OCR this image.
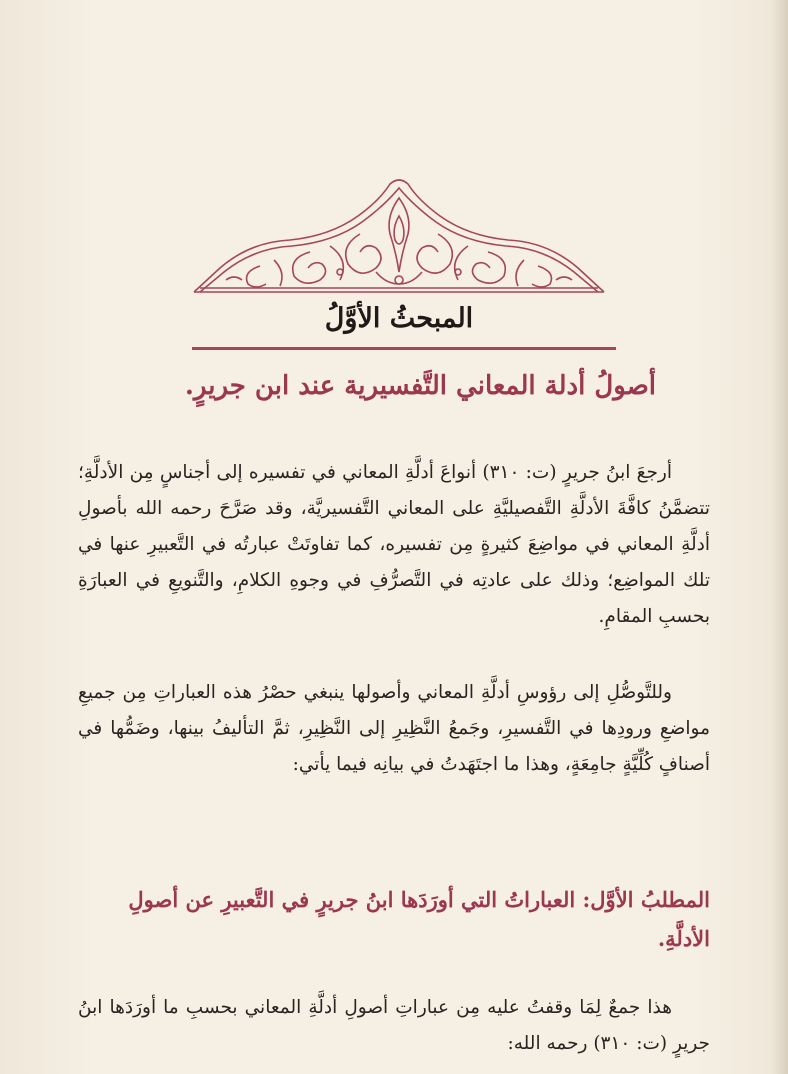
المبحثُ الأوَّلُ
أصولُ أدلة المعاني التَّفسيرية عند ابن جريرٍ.
أرجعَ ابنُ جريرٍ (ت: ٣١٠) أنواعَ أدلَّةِ المعاني في تفسيره إلى أجناسٍ مِن الأدلَّةِ؛ تتضمَّنُ كافَّةَ الأدلَّةِ التَّفصيليَّةِ على المعاني التَّفسيريَّة، وقد صَرَّحَ رحمه الله بأصولِ أدلَّةِ المعاني في مواضِعَ كثيرةٍ مِن تفسيره، كما تفاوتَتْ عبارتُه في التَّعبيرِ عنها في تلك المواضِع؛ وذلك على عادتِه في التَّصرُّفِ في وجوهِ الكلامِ، والتَّنويعِ في العبارَةِ بحسبِ المقامِ.
وللتَّوصُّلِ إلى رؤوسِ أدلَّةِ المعاني وأصولها ينبغي حصْرُ هذه العباراتِ مِن جميعِ مواضعِ ورودِها في التَّفسيرِ، وجَمعُ النَّظِيرِ إلى النَّظِيرِ، ثمَّ التأليفُ بينها، وضَمُّها في أصنافٍ كُلِّيَّةٍ جامِعَةٍ، وهذا ما اجتَهَدتُ في بيانِه فيما يأتي:
المطلبُ الأوَّل: العباراتُ التي أورَدَها ابنُ جريرٍ في التَّعبيرِ عن أصولِ الأدلَّةِ.
هذا جمعٌ لِمَا وقفتُ عليه مِن عباراتِ أصولِ أدلَّةِ المعاني بحسبِ ما أورَدَها ابنُ جريرٍ (ت: ٣١٠) رحمه الله:
